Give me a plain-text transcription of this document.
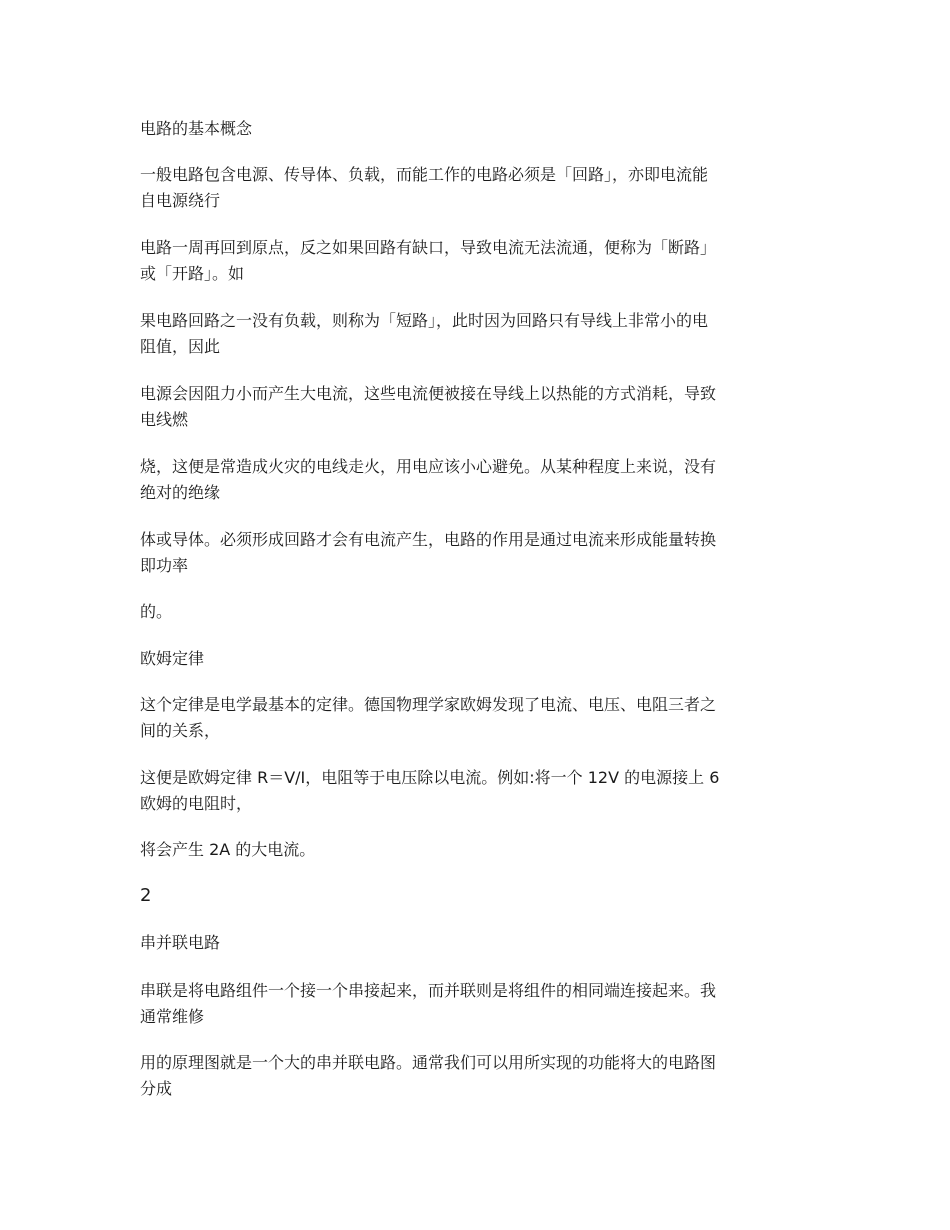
电路的基本概念

一般电路包含电源、传导体、负载，而能工作的电路必须是「回路」，亦即电流能
自电源绕行

电路一周再回到原点，反之如果回路有缺口，导致电流无法流通，便称为「断路」
或「开路」。如

果电路回路之一没有负载，则称为「短路」，此时因为回路只有导线上非常小的电
阻值，因此

电源会因阻力小而产生大电流，这些电流便被接在导线上以热能的方式消耗，导致
电线燃

烧，这便是常造成火灾的电线走火，用电应该小心避免。从某种程度上来说，没有
绝对的绝缘

体或导体。必须形成回路才会有电流产生，电路的作用是通过电流来形成能量转换
即功率

的。

欧姆定律

这个定律是电学最基本的定律。德国物理学家欧姆发现了电流、电压、电阻三者之
间的关系，

这便是欧姆定律 R＝V/I，电阻等于电压除以电流。例如:将一个 12V 的电源接上 6
欧姆的电阻时，

将会产生 2A 的大电流。

2

串并联电路

串联是将电路组件一个接一个串接起来，而并联则是将组件的相同端连接起来。我
通常维修

用的原理图就是一个大的串并联电路。通常我们可以用所实现的功能将大的电路图
分成
